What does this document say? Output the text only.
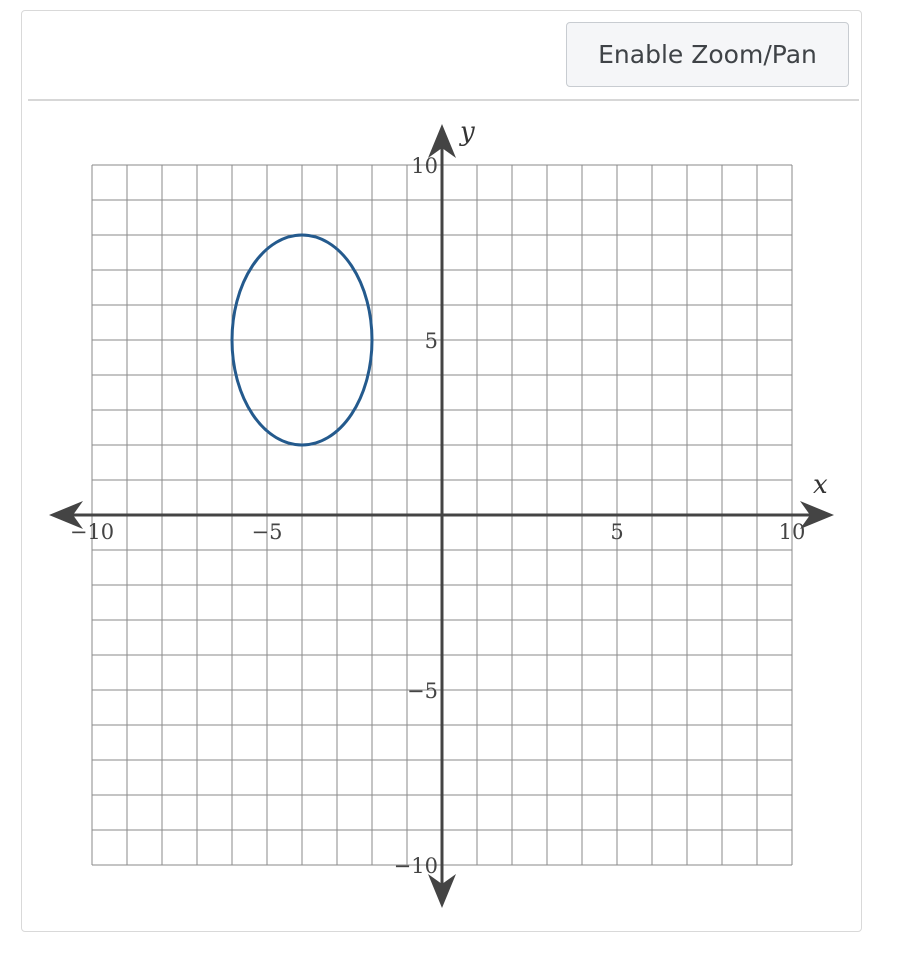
Enable Zoom/Pan
x
y
−10	−5	5	10
10
5
−5
−10
